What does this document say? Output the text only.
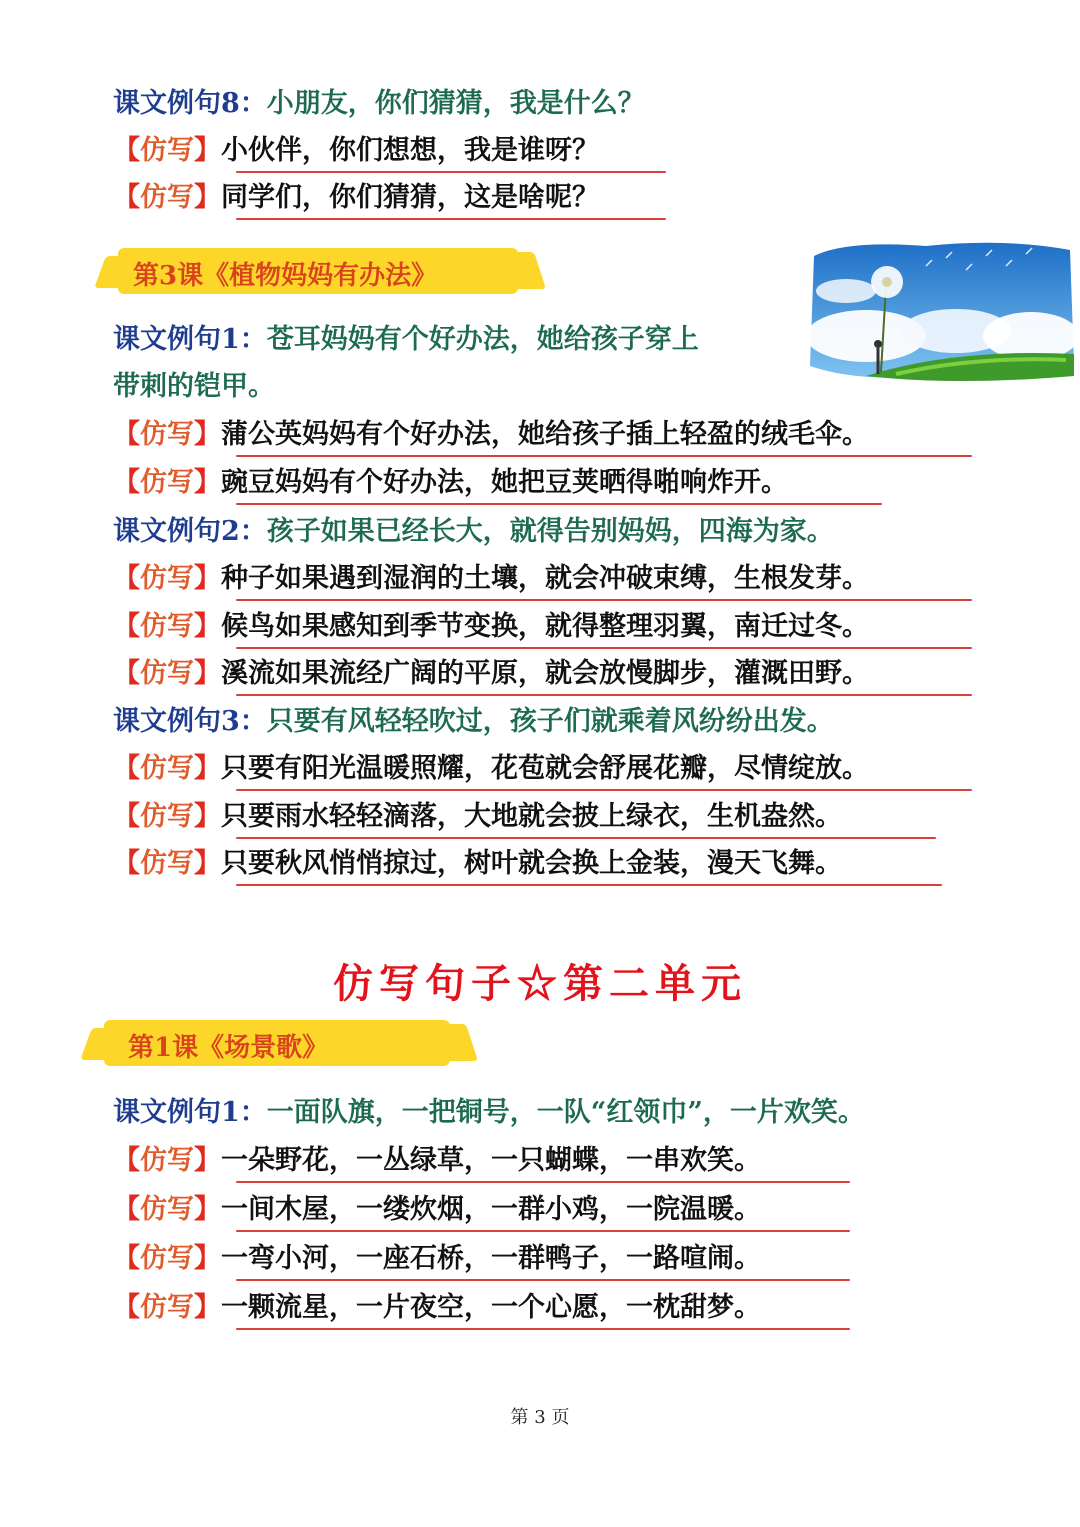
课文例句8：小朋友，你们猜猜，我是什么？
【仿写】小伙伴，你们想想，我是谁呀？
【仿写】同学们，你们猜猜，这是啥呢？
第3课《植物妈妈有办法》
课文例句1：苍耳妈妈有个好办法，她给孩子穿上
带刺的铠甲。
【仿写】蒲公英妈妈有个好办法，她给孩子插上轻盈的绒毛伞。
【仿写】豌豆妈妈有个好办法，她把豆荚晒得啪响炸开。
课文例句2：孩子如果已经长大，就得告别妈妈，四海为家。
【仿写】种子如果遇到湿润的土壤，就会冲破束缚，生根发芽。
【仿写】候鸟如果感知到季节变换，就得整理羽翼，南迁过冬。
【仿写】溪流如果流经广阔的平原，就会放慢脚步，灌溉田野。
课文例句3：只要有风轻轻吹过，孩子们就乘着风纷纷出发。
【仿写】只要有阳光温暖照耀，花苞就会舒展花瓣，尽情绽放。
【仿写】只要雨水轻轻滴落，大地就会披上绿衣，生机盎然。
【仿写】只要秋风悄悄掠过，树叶就会换上金装，漫天飞舞。
仿写句子☆第二单元
第1课《场景歌》
课文例句1：一面队旗，一把铜号，一队“红领巾”，一片欢笑。
【仿写】一朵野花，一丛绿草，一只蝴蝶，一串欢笑。
【仿写】一间木屋，一缕炊烟，一群小鸡，一院温暖。
【仿写】一弯小河，一座石桥，一群鸭子，一路喧闹。
【仿写】一颗流星，一片夜空，一个心愿，一枕甜梦。
第 3 页
